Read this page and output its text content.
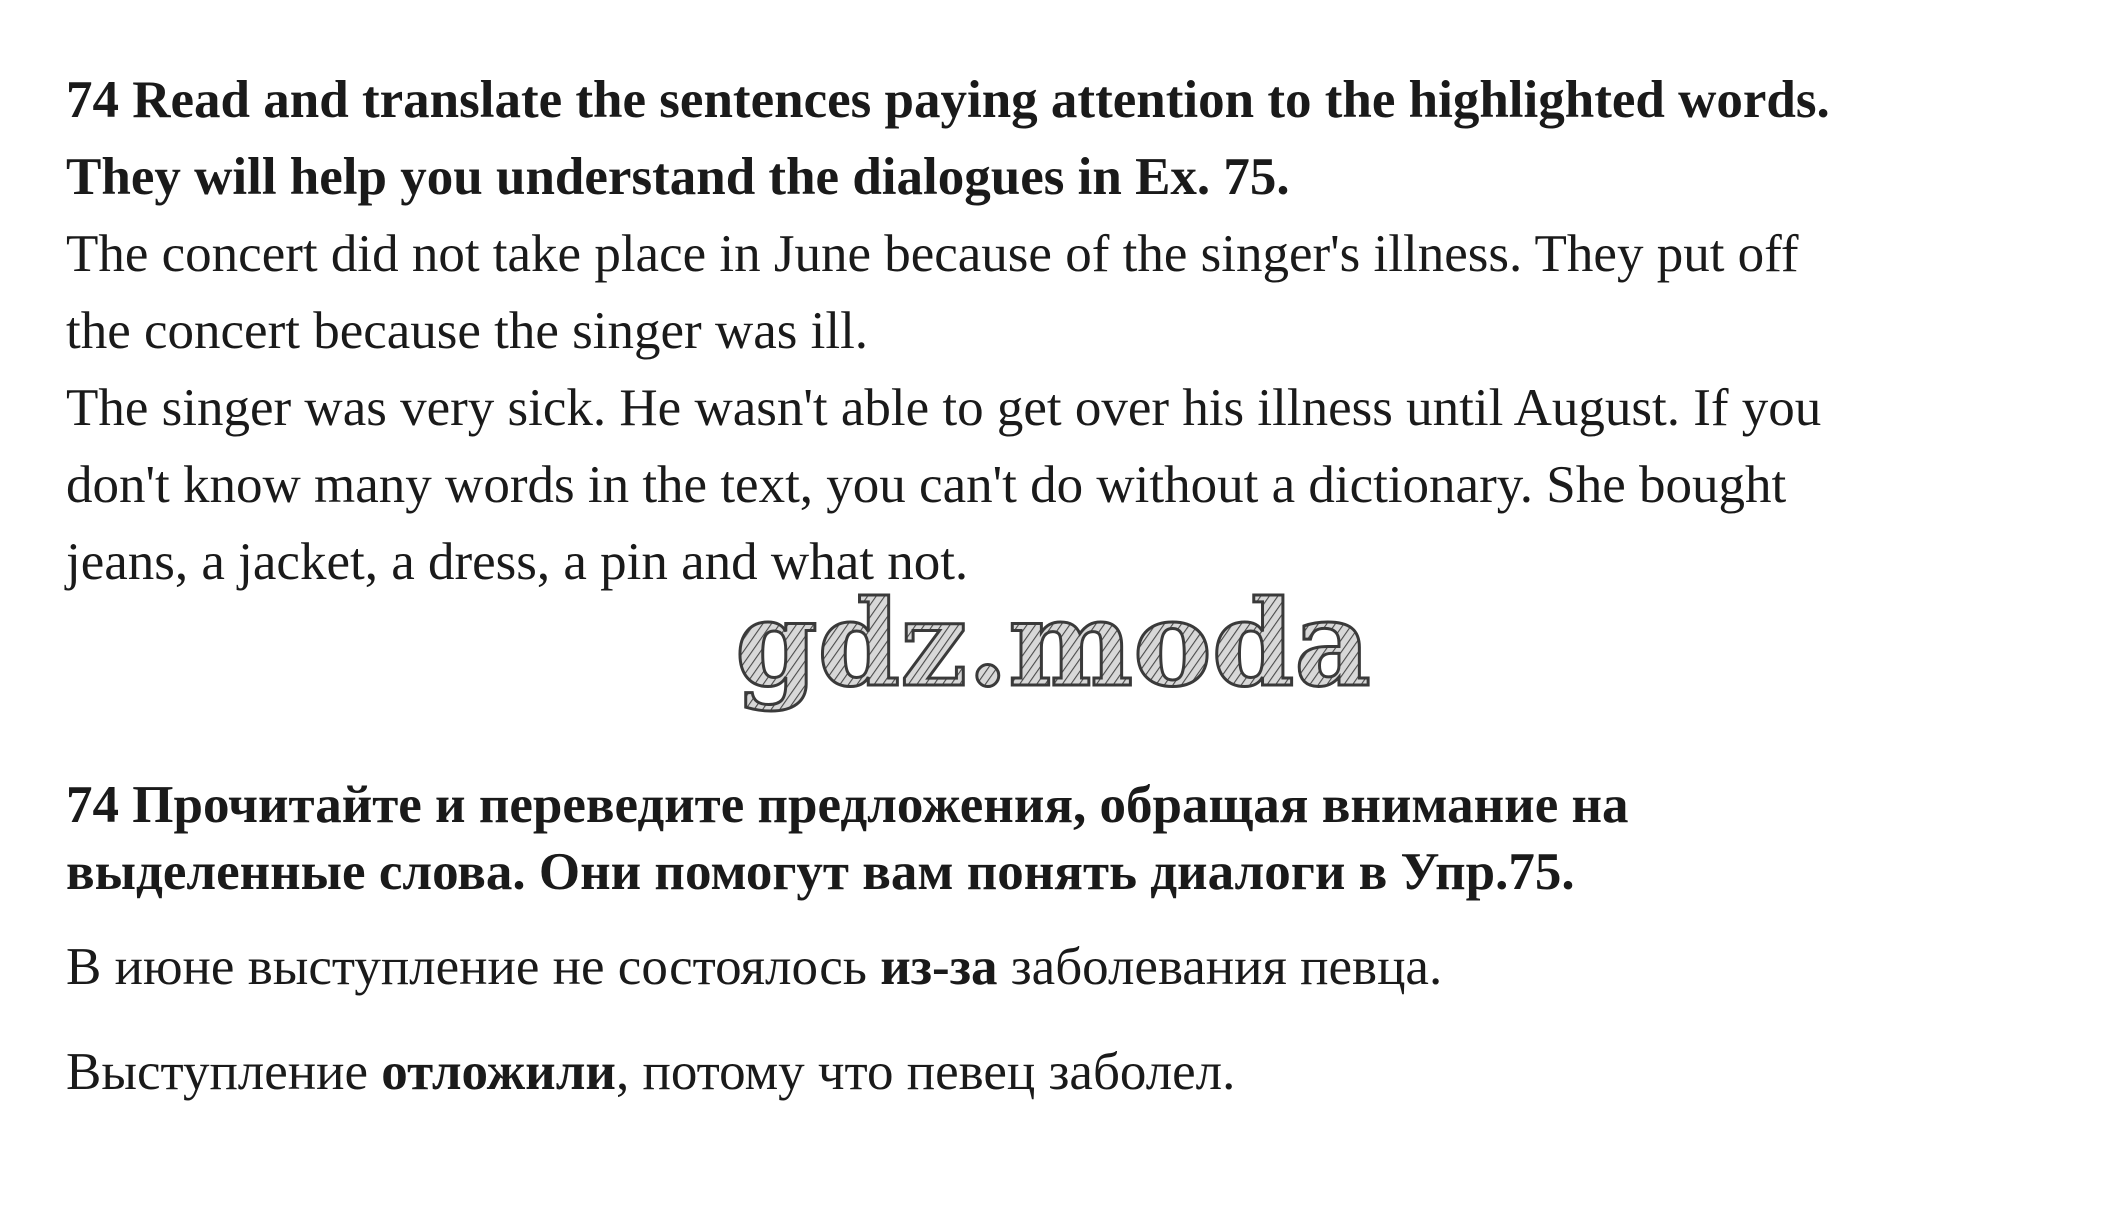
74 Read and translate the sentences paying attention to the highlighted words.
They will help you understand the dialogues in Ex. 75.
The concert did not take place in June because of the singer's illness. They put off
the concert because the singer was ill.
The singer was very sick. He wasn't able to get over his illness until August. If you
don't know many words in the text, you can't do without a dictionary. She bought
jeans, a jacket, a dress, a pin and what not.
gdz.moda
74 Прочитайте и переведите предложения, обращая внимание на
выделенные слова. Они помогут вам понять диалоги в Упр.75.

В июне выступление не состоялось из-за заболевания певца.

Выступление отложили, потому что певец заболел.
